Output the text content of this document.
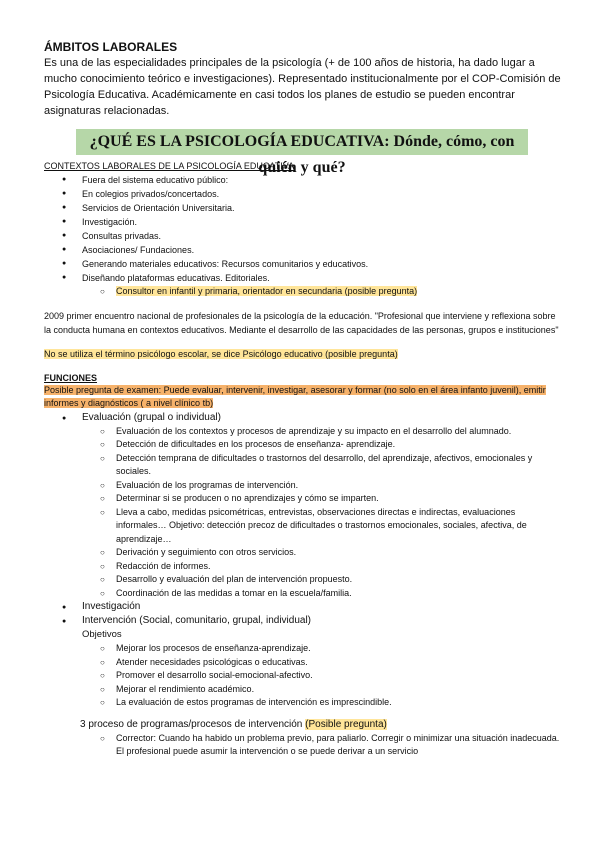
ÁMBITOS LABORALES

Es una de las especialidades principales de la psicología (+ de 100 años de historia, ha dado lugar a mucho conocimiento teórico e investigaciones). Representado institucionalmente por el COP-Comisión de Psicología Educativa. Académicamente en casi todos los planes de estudio se pueden encontrar asignaturas relacionadas.

¿QUÉ ES LA PSICOLOGÍA EDUCATIVA: Dónde, cómo, con quién y qué?
CONTEXTOS LABORALES DE LA PSICOLOGÍA EDUCATIVA
● Fuera del sistema educativo público:
● En colegios privados/concertados.
● Servicios de Orientación Universitaria.
● Investigación.
● Consultas privadas.
● Asociaciones/ Fundaciones.
● Generando materiales educativos: Recursos comunitarios y educativos.
● Diseñando plataformas educativas. Editoriales.
○ Consultor en infantil y primaria, orientador en secundaria (posible pregunta)

2009 primer encuentro nacional de profesionales de la psicología de la educación. "Profesional que interviene y reflexiona sobre la conducta humana en contextos educativos. Mediante el desarrollo de las capacidades de las personas, grupos e instituciones"

No se utiliza el término psicólogo escolar, se dice Psicólogo educativo (posible pregunta)

FUNCIONES

Posible pregunta de examen: Puede evaluar, intervenir, investigar, asesorar y formar (no solo en el área infanto juvenil), emitir informes y diagnósticos ( a nivel clínico tb)

● Evaluación (grupal o individual)
○ Evaluación de los contextos y procesos de aprendizaje y su impacto en el desarrollo del alumnado.
○ Detección de dificultades en los procesos de enseñanza- aprendizaje.
○ Detección temprana de dificultades o trastornos del desarrollo, del aprendizaje, afectivos, emocionales y sociales.
○ Evaluación de los programas de intervención.
○ Determinar si se producen o no aprendizajes y cómo se imparten.
○ Lleva a cabo, medidas psicométricas, entrevistas, observaciones directas e indirectas, evaluaciones informales… Objetivo: detección precoz de dificultades o trastornos emocionales, sociales, afectiva, de aprendizaje…
○ Derivación y seguimiento con otros servicios.
○ Redacción de informes.
○ Desarrollo y evaluación del plan de intervención propuesto.
○ Coordinación de las medidas a tomar en la escuela/familia.
● Investigación
● Intervención (Social, comunitario, grupal, individual)
Objetivos
○ Mejorar los procesos de enseñanza-aprendizaje.
○ Atender necesidades psicológicas o educativas.
○ Promover el desarrollo social-emocional-afectivo.
○ Mejorar el rendimiento académico.
○ La evaluación de estos programas de intervención es imprescindible.
3 proceso de programas/procesos de intervención (Posible pregunta)
○ Corrector: Cuando ha habido un problema previo, para paliarlo. Corregir o minimizar una situación inadecuada. El profesional puede asumir la intervención o se puede derivar a un servicio
